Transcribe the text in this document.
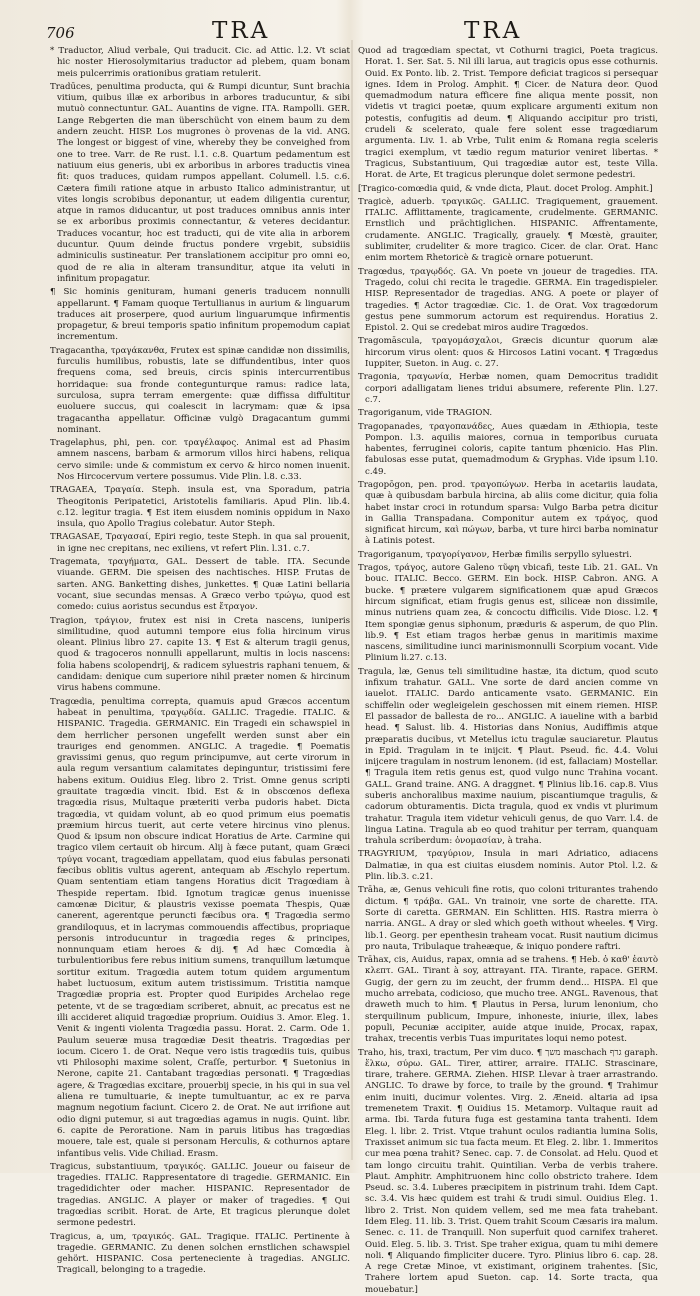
706	TRA	TRA

* Traductor, Aliud verbale, Qui traducit. Cic. ad Attic. l.2. Vt sciat hic noster Hierosolymitarius traductor ad plebem, quam bonam meis pulcerrimis orationibus gratiam retulerit.

Tradūces, penultima producta, qui & Rumpi dicuntur, Sunt brachia vitium, quibus illæ ex arboribus in arbores traducuntur, & sibi mutuò connectuntur. GAL. Auantins de vigne. ITA. Rampolli. GER. Lange Rebgerten die man überschücht von einem baum zu dem andern zeucht. HISP. Los mugrones ò provenas de la vid. ANG. The longest or biggest of vine, whereby they be conveighed from one to tree. Varr. de Re rust. l.1. c.8. Quartum pedamentum est natiuum eius generis, ubi ex arboribus in arbores traductis vinea fit: quos traduces, quidam rumpos appellant. Columell. l.5. c.6. Cætera fimili ratione atque in arbusto Italico administrantur, ut vites longis scrobibus deponantur, ut eadem diligentia curentur, atque in ramos diducantur, ut post traduces omnibus annis inter se ex arboribus proximis connectantur, & veteres decidantur. Traduces vocantur, hoc est traducti, qui de vite alia in arborem ducuntur. Quum deinde fructus pondere vrgebit, subsidiis adminiculis sustineatur. Per translationem accipitur pro omni eo, quod de re alia in alteram transunditur, atque ita veluti in infinitum propagatur.

¶ Sic hominis genituram, humani generis traducem nonnulli appellarunt. ¶ Famam quoque Tertullianus in aurium & linguarum traduces ait proserpere, quod aurium linguarumque infirmentis propagetur, & breui temporis spatio infinitum propemodum capiat incrementum.

Tragacantha, τραγάκανθα, Frutex est spinæ candidæ non dissimilis, furculis humilibus, robustis, late se diffundentibus, inter quos frequens coma, sed breuis, circis spinis intercurrentibus horridaque: sua fronde contegunturque ramus: radice lata, surculosa, supra terram emergente: quæ diffissa diffultitur euoluere succus, qui coalescit in lacrymam: quæ & ipsa tragacantha appellatur. Officinæ vulgò Dragacantum gummi nominant.

Tragelaphus, phi, pen. cor. τραγέλαφος. Animal est ad Phasim amnem nascens, barbam & armorum villos hirci habens, reliqua cervo simile: unde & commistum ex cervo & hirco nomen inuenit. Nos Hircocervum vertere possumus. Vide Plin. l.8. c.33.

TRAGAEA, Τραγαία. Steph. insula est, vna Sporadum, patria Theogitonis Peripatetici, Aristotelis familiaris. Apud Plin. lib.4. c.12. legitur tragia. ¶ Est item eiusdem nominis oppidum in Naxo insula, quo Apollo Tragius colebatur. Autor Steph.

TRAGASAE, Τραγασαί, Epiri regio, teste Steph. in qua sal prouenit, in igne nec crepitans, nec exiliens, vt refert Plin. l.31. c.7.

Tragemata, τραγήματα, GAL. Dessert de table. ITA. Secunde viuande. GERM. Die speisen des nachtisches. HISP. Frutas de sarten. ANG. Banketting dishes, junkettes. ¶ Quæ Latini bellaria vocant, siue secundas mensas. A Græco verbo τρώγω, quod est comedo: cuius aoristus secundus est ἔτραγον.

Tragion, τράγιον, frutex est nisi in Creta nascens, iuniperis similitudine, quod autumni tempore eius folia hircinum virus oleant. Plinius libro 27. capite 13. ¶ Est & alterum tragii genus, quod & tragoceros nonnulli appellarunt, multis in locis nascens: folia habens scolopendrij, & radicem syluestris raphani tenuem, & candidam: denique cum superiore nihil præter nomen & hircinum virus habens commune.

Tragœdia, penultima correpta, quamuis apud Græcos accentum habeat in penultima, τραγῳδία. GALLIC. Tragedie. ITALIC. & HISPANIC. Tragedia. GERMANIC. Ein Tragedi ein schawspiel in dem herrlicher personen ungefellt werden sunst aber ein trauriges end genommen. ANGLIC. A tragedie. ¶ Poematis gravissimi genus, quo regum principumve, aut certe virorum in aula regum versantium calamitates depinguntur, tristissimi fere habens exitum. Ouidius Eleg. libro 2. Trist. Omne genus scripti grauitate tragœdia vincit. Ibid. Est & in obscœnos deflexa tragœdia risus, Multaque præteriti verba pudoris habet. Dicta tragœdia, vt quidam volunt, ab eo quod primum eius poematis præmium hircus tuerit, aut certe vetere hircinus vino plenus. Quod & ipsum non obscure indicat Horatius de Arte. Carmine qui tragico vilem certauit ob hircum. Alij à fæce putant, quam Græci τρύγα vocant, tragœdiam appellatam, quod eius fabulas personati fæcibus oblitis vultus agerent, antequam ab Æschylo repertum. Quam sententiam etiam tangens Horatius dicit Tragœdiam à Thespide repertam. Ibid. Ignotum tragicæ genus inuenisse camœnæ Dicitur, & plaustris vexisse poemata Thespis, Quæ canerent, agerentque peruncti fæcibus ora. ¶ Tragœdia sermo grandiloquus, et in lacrymas commouendis affectibus, propriaque personis introducuntur in tragœdia reges & principes, nonnunquam etiam heroes & dij. ¶ Ad hæc Comœdia à turbulentioribus fere rebus initium sumens, tranquillum lætumque sortitur exitum. Tragœdia autem totum quidem argumentum habet luctuosum, exitum autem tristissimum. Tristitia namque Tragœdiæ propria est. Propter quod Euripides Archelao rege petente, vt de se tragœdiam scriberet, abnuit, ac precatus est ne illi accideret aliquid tragœdiæ proprium. Ouidius 3. Amor. Eleg. 1. Venit & ingenti violenta Tragœdia passu. Horat. 2. Carm. Ode 1. Paulum seueræ musa tragœdiæ Desit theatris. Tragœdias per iocum. Cicero 1. de Orat. Neque vero istis tragœdiis tuis, quibus vti Philosophi maxime solent, Craſſe, perturbor. ¶ Suetonius in Nerone, capite 21. Cantabant tragœdias personati. ¶ Tragœdias agere, & Tragœdias excitare, prouerbij specie, in his qui in sua vel aliena re tumultuarie, & inepte tumultuantur, ac ex re parva magnum negotium faciunt. Cicero 2. de Orat. Ne aut irrifione aut odio digni putemur, si aut tragœdias agamus in nugis. Quint. libr. 6. capite de Peroratione. Nam in paruis litibus has tragœdias mouere, tale est, quale si personam Herculis, & cothurnos aptare infantibus velis. Vide Chiliad. Erasm.

Tragicus, substantiuum, τραγικός. GALLIC. Joueur ou faiseur de tragedies. ITALIC. Rappresentatore di tragedie. GERMANIC. Ein tragedidichter oder macher. HISPANIC. Representador de tragedias. ANGLIC. A player or maker of tragedies. ¶ Qui tragœdias scribit. Horat. de Arte, Et tragicus plerunque dolet sermone pedestri.

Tragicus, a, um, τραγικός. GAL. Tragique. ITALIC. Pertinente à tragedie. GERMANIC. Zu denen solchen ernstlichen schawspiel gehört. HISPANIC. Cosa perteneciente à tragedias. ANGLIC. Tragicall, belonging to a tragedie.

Quod ad tragœdiam spectat, vt Cothurni tragici, Poeta tragicus. Horat. 1. Ser. Sat. 5. Nil illi larua, aut tragicis opus esse cothurnis. Ouid. Ex Ponto. lib. 2. Trist. Tempore deficiat tragicos si persequar ignes. Idem in Prolog. Amphit. ¶ Cicer. de Natura deor. Quod quemadmodum natura efficere fine aliqua mente possit, non videtis vt tragici poetæ, quum explicare argumenti exitum non potestis, confugitis ad deum. ¶ Aliquando accipitur pro tristi, crudeli & scelerato, quale fere solent esse tragœdiarum argumenta. Liv. 1. ab Vrbe, Tulit enim & Romana regia sceleris tragici exemplum, vt tædio regum maturior veniret libertas. * Tragicus, Substantiuum, Qui tragœdiæ autor est, teste Villa. Horat. de Arte, Et tragicus plerunque dolet sermone pedestri.

[Tragico-comœdia quid, & vnde dicta, Plaut. docet Prolog. Amphit.]

Tragicè, aduerb. τραγικῶς. GALLIC. Tragiquement, grauement. ITALIC. Afflittamente, tragicamente, crudelmente. GERMANIC. Ernstlich und prächtiglichen. HISPANIC. Affrentamente, crudamente. ANGLIC. Tragically, grauely. ¶ Mœstè, grauiter, sublimiter, crudeliter & more tragico. Cicer. de clar. Orat. Hanc enim mortem Rhetoricè & tragicè ornare potuerunt.

Tragœdus, τραγῳδός. GA. Vn poete vn joueur de tragedies. ITA. Tragedo, colui chi recita le tragedie. GERMA. Ein tragedispieler. HISP. Representador de tragedias. ANG. A poete or player of tragedies. ¶ Actor tragœdiæ. Cic. 1. de Orat. Vox tragœdorum gestus pene summorum actorum est requirendus. Horatius 2. Epistol. 2. Qui se credebat miros audire Tragœdos.

Tragomāscula, τραγομάσχαλοι, Græcis dicuntur quorum alæ hircorum virus olent: quos & Hircosos Latini vocant. ¶ Tragœdus Iuppiter, Sueton. in Aug. c. 27.

Tragonia, τραγωνία, Herbæ nomen, quam Democritus tradidit corpori adalligatam lienes tridui absumere, referente Plin. l.27. c.7.

Tragoriganum, vide TRAGION.

Tragopanades, τραγοπανάδες, Aues quædam in Æthiopia, teste Pompon. l.3. aquilis maiores, cornua in temporibus curuata habentes, ferruginei coloris, capite tantum phœnicio. Has Plin. fabulosas esse putat, quemadmodum & Gryphas. Vide ipsum l.10. c.49.

Tragopōgon, pen. prod. τραγοπώγων. Herba in acetariis laudata, quæ à quibusdam barbula hircina, ab aliis come dicitur, quia folia habet instar croci in rotundum sparsa: Vulgo Barba petra dicitur in Gallia Transpadana. Componitur autem ex τράγος, quod significat hircum, καὶ πώγων, barba, vt ture hirci barba nominatur à Latinis potest.

Tragoriganum, τραγορίγανον, Herbæ fimilis serpyllo syluestri.

Tragos, τράγος, autore Galeno τῦφη vbicafi, teste Lib. 21. GAL. Vn bouc. ITALIC. Becco. GERM. Ein bock. HISP. Cabron. ANG. A bucke. ¶ prætere vulgarem significationem quæ apud Græcos hircum significat, etiam frugis genus est, siliceæ non dissimile, minus nutriens quam zea, & concoctu difficilis. Vide Diosc. l.2. ¶ Item spongiæ genus siphonum, præduris & asperum, de quo Plin. lib.9. ¶ Est etiam tragos herbæ genus in maritimis maxime nascens, similitudine iunci marinismonnulli Scorpium vocant. Vide Plinium li.27. c.13.

Tragula, læ, Genus teli similitudine hastæ, ita dictum, quod scuto infixum trahatur. GALL. Vne sorte de dard ancien comme vn iauelot. ITALIC. Dardo anticamente vsato. GERMANIC. Ein schiffelin oder wegleigelein geschossen mit einem riemen. HISP. El passador de ballesta de ro... ANGLIC. A iaueline with a barbid head. ¶ Salust. lib. 4. Historias dans Nonius, Audiffimis atque præparatis ducibus, vt Metellus ictu tragulæ sauciaretur. Plautus in Epid. Tragulam in te inijcit. ¶ Plaut. Pseud. fic. 4.4. Volui inijcere tragulam in nostrum lenonem. (id est, fallaciam) Mostellar. ¶ Tragula item retis genus est, quod vulgo nunc Trahina vocant. GALL. Grand traine. ANG. A draggnet. ¶ Plinius lib.16. cap.8. Vius suberis anchoralibus maxime nauium, piscantiumque tragulis, & cadorum obturamentis. Dicta tragula, quod ex vndis vt plurimum trahatur. Tragula item videtur vehiculi genus, de quo Varr. l.4. de lingua Latina. Tragula ab eo quod trahitur per terram, quanquam trahula scriberdum: ὀνομασίαν, à traha.

TRAGYRIUM, τραγύριον, Insula in mari Adriatico, adiacens Dalmatiæ, in qua est ciuitas eiusdem nominis. Autor Ptol. l.2. & Plin. lib.3. c.21.

Trāha, æ, Genus vehiculi fine rotis, quo coloni triturantes trahendo dictum. ¶ τράβα. GAL. Vn trainoir, vne sorte de charette. ITA. Sorte di caretta. GERMAN. Ein Schlitten. HIS. Rastra mierra ò narria. ANGL. A dray or sled which goeth without wheeles. ¶ Virg. lib.1. Georg. per epenthesin traheam vocat. Rusit nautium dicimus pro nauta, Tribulaque traheæque, & iniquo pondere raftri.

Trāhax, cis, Auidus, rapax, omnia ad se trahens. ¶ Heb. ὁ καθ' ἑαυτὸ κλεπτ. GAL. Tirant à soy, attrayant. ITA. Tirante, rapace. GERM. Gugig, der gern zu im zeucht, der frumm dend... HISPA. El que mucho arrebata, codicioso, que mucho tree. ANGL. Ravenous, that draweth much to him. ¶ Plautus in Persa, lurum lenonium, cho sterquilinum publicum, Impure, inhoneste, iniurie, illex, labes populi, Pecuniæ accipiter, auide atque inuide, Procax, rapax, trahax, trecentis verbis Tuas impuritates loqui nemo potest.

Traho, his, traxi, tractum, Per vim duco. ¶ משך maschach גרף garaph. ἕλκω, σύρω. GAL. Tirer, attirer, arraire. ITALIC. Strascinare, tirare, trahere. GERMA. Ziehen. HISP. Llevar à traer arrastrando. ANGLIC. To drawe by force, to traile by the ground. ¶ Trahimur enim inuiti, ducimur volentes. Virg. 2. Æneid. altaria ad ipsa tremenetem Traxit. ¶ Ouidius 15. Metamorp. Vultaque rauit ad arma. Ibi. Tarda futura fuga est gestamina tanta trahenti. Idem Eleg. l. libr. 2. Trist. Vtque trahunt oculos radiantia lumina Solis, Traxisset animum sic tua facta meum. Et Eleg. 2. libr. 1. Immeritos cur mea pœna trahit? Senec. cap. 7. de Consolat. ad Helu. Quod et tam longo circuitu trahit. Quintilian. Verba de verbis trahere. Plaut. Amphitr. Amphitruonem hinc collo obstricto trahere. Idem Pseud. sc. 3.4. Luberes præcipitem in pistrinum trahi. Idem Capt. sc. 3.4. Vis hæc quidem est trahi & trudi simul. Ouidius Eleg. 1. libro 2. Trist. Non quidem vellem, sed me mea fata trahebant. Idem Eleg. 11. lib. 3. Trist. Quem trahit Scoum Cæsaris ira malum. Senec. c. 11. de Tranquill. Non superfuit quod carnifex traheret. Ouid. Eleg. 5. lib. 3. Trist. Spe traher exigua, quam tu mihi demere noli. ¶ Aliquando fimpliciter ducere. Tyro. Plinius libro 6. cap. 28. A rege Cretæ Minoe, vt existimant, originem trahentes. [Sic, Trahere lortem apud Sueton. cap. 14. Sorte tracta, qua mouebatur.]
